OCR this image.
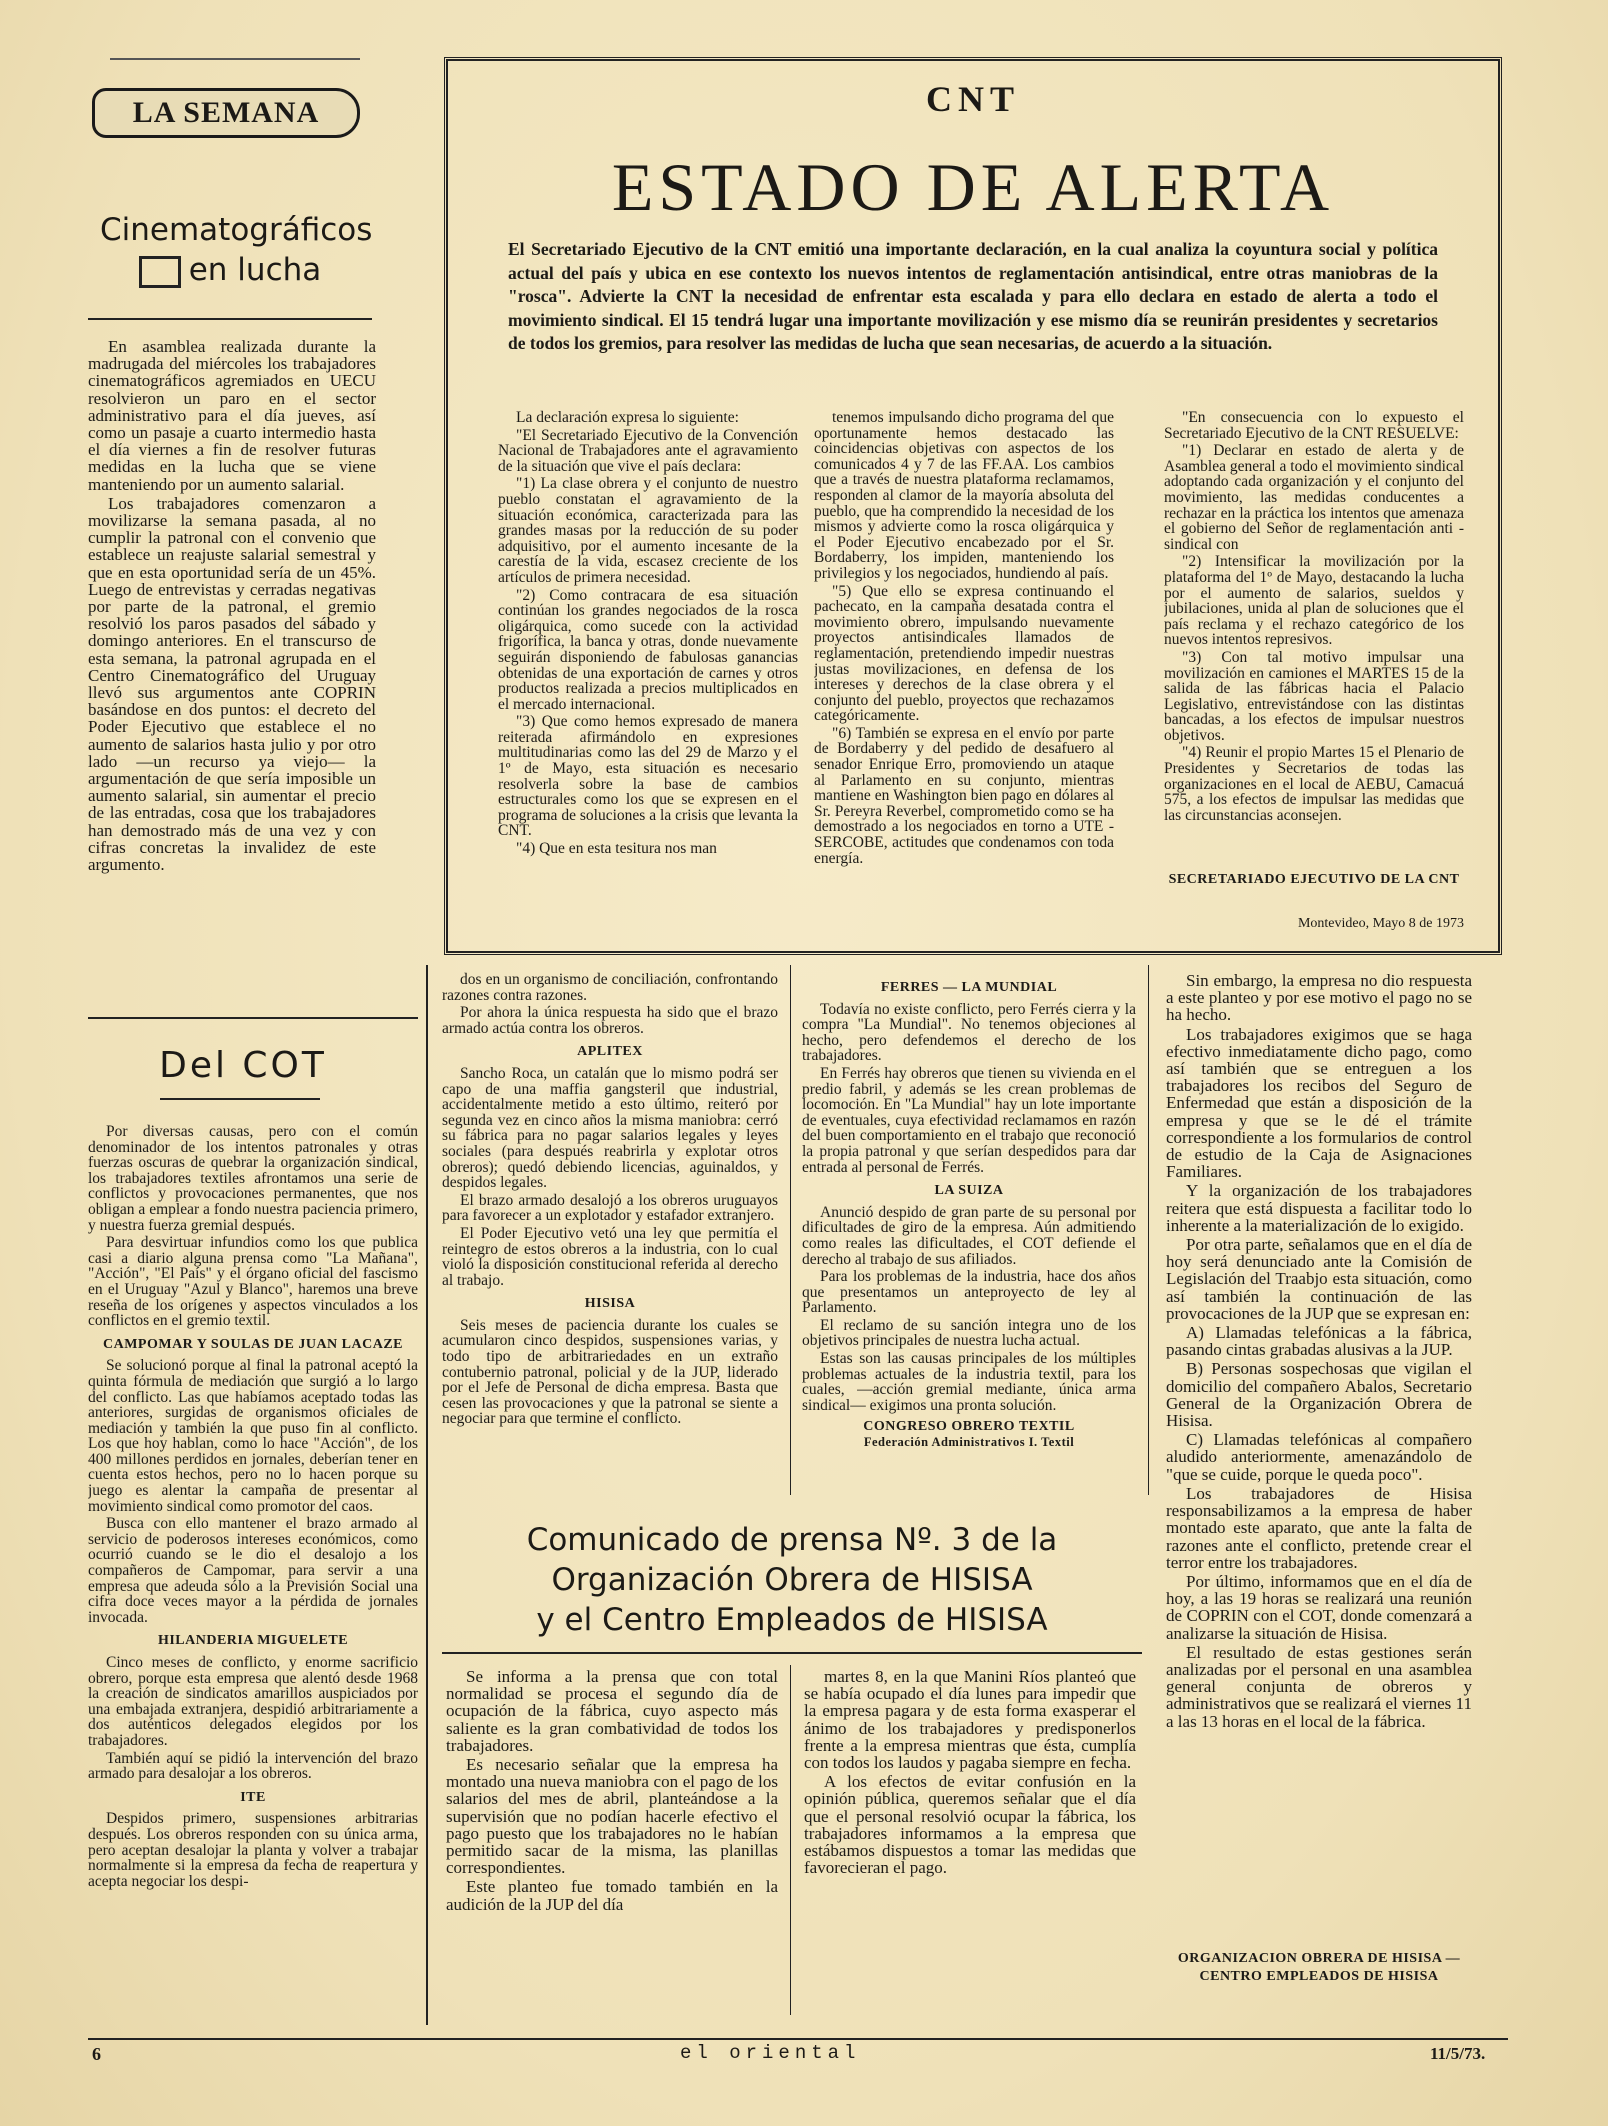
LA SEMANA
Cinematográficos
en lucha

En asamblea realizada durante la madrugada del miércoles los trabajadores cinematográficos agremiados en UECU resolvieron un paro en el sector administrativo para el día jueves, así como un pasaje a cuarto intermedio hasta el día viernes a fin de resolver futuras medidas en la lucha que se viene manteniendo por un aumento salarial.

Los trabajadores comenzaron a movilizarse la semana pasada, al no cumplir la patronal con el convenio que establece un reajuste salarial semestral y que en esta oportunidad sería de un 45%. Luego de entrevistas y cerradas negativas por parte de la patronal, el gremio resolvió los paros pasados del sábado y domingo anteriores. En el transcurso de esta semana, la patronal agrupada en el Centro Cinematográfico del Uruguay llevó sus argumentos ante COPRIN basándose en dos puntos: el decreto del Poder Ejecutivo que establece el no aumento de salarios hasta julio y por otro lado —un recurso ya viejo— la argumentación de que sería imposible un aumento salarial, sin aumentar el precio de las entradas, cosa que los trabajadores han demostrado más de una vez y con cifras concretas la invalidez de este argumento.

Del COT

Por diversas causas, pero con el común denominador de los intentos patronales y otras fuerzas oscuras de quebrar la organización sindical, los trabajadores textiles afrontamos una serie de conflictos y provocaciones permanentes, que nos obligan a emplear a fondo nuestra paciencia primero, y nuestra fuerza gremial después.

Para desvirtuar infundios como los que publica casi a diario alguna prensa como "La Mañana", "Acción", "El País" y el órgano oficial del fascismo en el Uruguay "Azul y Blanco", haremos una breve reseña de los orígenes y aspectos vinculados a los conflictos en el gremio textil.

CAMPOMAR Y SOULAS DE JUAN LACAZE

Se solucionó porque al final la patronal aceptó la quinta fórmula de mediación que surgió a lo largo del conflicto. Las que habíamos aceptado todas las anteriores, surgidas de organismos oficiales de mediación y también la que puso fin al conflicto. Los que hoy hablan, como lo hace "Acción", de los 400 millones perdidos en jornales, deberían tener en cuenta estos hechos, pero no lo hacen porque su juego es alentar la campaña de presentar al movimiento sindical como promotor del caos.

Busca con ello mantener el brazo armado al servicio de poderosos intereses económicos, como ocurrió cuando se le dio el desalojo a los compañeros de Campomar, para servir a una empresa que adeuda sólo a la Previsión Social una cifra doce veces mayor a la pérdida de jornales invocada.

HILANDERIA MIGUELETE

Cinco meses de conflicto, y enorme sacrificio obrero, porque esta empresa que alentó desde 1968 la creación de sindicatos amarillos auspiciados por una embajada extranjera, despidió arbitrariamente a dos auténticos delegados elegidos por los trabajadores.

También aquí se pidió la intervención del brazo armado para desalojar a los obreros.

ITE

Despidos primero, suspensiones arbitrarias después. Los obreros responden con su única arma, pero aceptan desalojar la planta y volver a trabajar normalmente si la empresa da fecha de reapertura y acepta negociar los despi-

CNT
ESTADO DE ALERTA
El Secretariado Ejecutivo de la CNT emitió una importante declaración, en la cual analiza la coyuntura social y política actual del país y ubica en ese contexto los nuevos intentos de reglamentación antisindical, entre otras maniobras de la "rosca". Advierte la CNT la necesidad de enfrentar esta escalada y para ello declara en estado de alerta a todo el movimiento sindical. El 15 tendrá lugar una importante movilización y ese mismo día se reunirán presidentes y secretarios de todos los gremios, para resolver las medidas de lucha que sean necesarias, de acuerdo a la situación.

La declaración expresa lo siguiente:

"El Secretariado Ejecutivo de la Convención Nacional de Trabajadores ante el agravamiento de la situación que vive el país declara:

"1) La clase obrera y el conjunto de nuestro pueblo constatan el agravamiento de la situación económica, caracterizada para las grandes masas por la reducción de su poder adquisitivo, por el aumento incesante de la carestía de la vida, escasez creciente de los artículos de primera necesidad.

"2) Como contracara de esa situación continúan los grandes negociados de la rosca oligárquica, como sucede con la actividad frigorífica, la banca y otras, donde nuevamente seguirán disponiendo de fabulosas ganancias obtenidas de una exportación de carnes y otros productos realizada a precios multiplicados en el mercado internacional.

"3) Que como hemos expresado de manera reiterada afirmándolo en expresiones multitudinarias como las del 29 de Marzo y el 1º de Mayo, esta situación es necesario resolverla sobre la base de cambios estructurales como los que se expresen en el programa de soluciones a la crisis que levanta la CNT.

"4) Que en esta tesitura nos man

tenemos impulsando dicho programa del que oportunamente hemos destacado las coincidencias objetivas con aspectos de los comunicados 4 y 7 de las FF.AA. Los cambios que a través de nuestra plataforma reclamamos, responden al clamor de la mayoría absoluta del pueblo, que ha comprendido la necesidad de los mismos y advierte como la rosca oligárquica y el Poder Ejecutivo encabezado por el Sr. Bordaberry, los impiden, manteniendo los privilegios y los negociados, hundiendo al país.

"5) Que ello se expresa continuando el pachecato, en la campaña desatada contra el movimiento obrero, impulsando nuevamente proyectos antisindicales llamados de reglamentación, pretendiendo impedir nuestras justas movilizaciones, en defensa de los intereses y derechos de la clase obrera y el conjunto del pueblo, proyectos que rechazamos categóricamente.

"6) También se expresa en el envío por parte de Bordaberry y del pedido de desafuero al senador Enrique Erro, promoviendo un ataque al Parlamento en su conjunto, mientras mantiene en Washington bien pago en dólares al Sr. Pereyra Reverbel, comprometido como se ha demostrado a los negociados en torno a UTE - SERCOBE, actitudes que condenamos con toda energía.

"En consecuencia con lo expuesto el Secretariado Ejecutivo de la CNT RESUELVE:

"1) Declarar en estado de alerta y de Asamblea general a todo el movimiento sindical adoptando cada organización y el conjunto del movimiento, las medidas conducentes a rechazar en la práctica los intentos que amenaza el gobierno del Señor de reglamentación anti - sindical con

"2) Intensificar la movilización por la plataforma del 1º de Mayo, destacando la lucha por el aumento de salarios, sueldos y jubilaciones, unida al plan de soluciones que el país reclama y el rechazo categórico de los nuevos intentos represivos.

"3) Con tal motivo impulsar una movilización en camiones el MARTES 15 de la salida de las fábricas hacia el Palacio Legislativo, entrevistándose con las distintas bancadas, a los efectos de impulsar nuestros objetivos.

"4) Reunir el propio Martes 15 el Plenario de Presidentes y Secretarios de todas las organizaciones en el local de AEBU, Camacuá 575, a los efectos de impulsar las medidas que las circunstancias aconsejen.

SECRETARIADO EJECUTIVO DE LA CNT
Montevideo, Mayo 8 de 1973

dos en un organismo de conciliación, confrontando razones contra razones.

Por ahora la única respuesta ha sido que el brazo armado actúa contra los obreros.

APLITEX

Sancho Roca, un catalán que lo mismo podrá ser capo de una maffia gangsteril que industrial, accidentalmente metido a esto último, reiteró por segunda vez en cinco años la misma maniobra: cerró su fábrica para no pagar salarios legales y leyes sociales (para después reabrirla y explotar otros obreros); quedó debiendo licencias, aguinaldos, y despidos legales.

El brazo armado desalojó a los obreros uruguayos para favorecer a un explotador y estafador extranjero.

El Poder Ejecutivo vetó una ley que permitía el reintegro de estos obreros a la industria, con lo cual violó la disposición constitucional referida al derecho al trabajo.

HISISA

Seis meses de paciencia durante los cuales se acumularon cinco despidos, suspensiones varias, y todo tipo de arbitrariedades en un extraño contubernio patronal, policial y de la JUP, liderado por el Jefe de Personal de dicha empresa. Basta que cesen las provocaciones y que la patronal se siente a negociar para que termine el conflicto.

FERRES — LA MUNDIAL

Todavía no existe conflicto, pero Ferrés cierra y la compra "La Mundial". No tenemos objeciones al hecho, pero defendemos el derecho de los trabajadores.

En Ferrés hay obreros que tienen su vivienda en el predio fabril, y además se les crean problemas de locomoción. En "La Mundial" hay un lote importante de eventuales, cuya efectividad reclamamos en razón del buen comportamiento en el trabajo que reconoció la propia patronal y que serían despedidos para dar entrada al personal de Ferrés.

LA SUIZA

Anunció despido de gran parte de su personal por dificultades de giro de la empresa. Aún admitiendo como reales las dificultades, el COT defiende el derecho al trabajo de sus afiliados.

Para los problemas de la industria, hace dos años que presentamos un anteproyecto de ley al Parlamento.

El reclamo de su sanción integra uno de los objetivos principales de nuestra lucha actual.

Estas son las causas principales de los múltiples problemas actuales de la industria textil, para los cuales, —acción gremial mediante, única arma sindical— exigimos una pronta solución.

CONGRESO OBRERO TEXTIL
Federación Administrativos I. Textil
Comunicado de prensa Nº. 3 de la
Organización Obrera de HISISA
y el Centro Empleados de HISISA

Se informa a la prensa que con total normalidad se procesa el segundo día de ocupación de la fábrica, cuyo aspecto más saliente es la gran combatividad de todos los trabajadores.

Es necesario señalar que la empresa ha montado una nueva maniobra con el pago de los salarios del mes de abril, planteándose a la supervisión que no podían hacerle efectivo el pago puesto que los trabajadores no le habían permitido sacar de la misma, las planillas correspondientes.

Este planteo fue tomado también en la audición de la JUP del día

martes 8, en la que Manini Ríos planteó que se había ocupado el día lunes para impedir que la empresa pagara y de esta forma exasperar el ánimo de los trabajadores y predisponerlos frente a la empresa mientras que ésta, cumplía con todos los laudos y pagaba siempre en fecha.

A los efectos de evitar confusión en la opinión pública, queremos señalar que el día que el personal resolvió ocupar la fábrica, los trabajadores informamos a la empresa que estábamos dispuestos a tomar las medidas que favorecieran el pago.

Sin embargo, la empresa no dio respuesta a este planteo y por ese motivo el pago no se ha hecho.

Los trabajadores exigimos que se haga efectivo inmediatamente dicho pago, como así también que se entreguen a los trabajadores los recibos del Seguro de Enfermedad que están a disposición de la empresa y que se le dé el trámite correspondiente a los formularios de control de estudio de la Caja de Asignaciones Familiares.

Y la organización de los trabajadores reitera que está dispuesta a facilitar todo lo inherente a la materialización de lo exigido.

Por otra parte, señalamos que en el día de hoy será denunciado ante la Comisión de Legislación del Traabjo esta situación, como así también la continuación de las provocaciones de la JUP que se expresan en:

A) Llamadas telefónicas a la fábrica, pasando cintas grabadas alusivas a la JUP.

B) Personas sospechosas que vigilan el domicilio del compañero Abalos, Secretario General de la Organización Obrera de Hisisa.

C) Llamadas telefónicas al compañero aludido anteriormente, amenazándolo de "que se cuide, porque le queda poco".

Los trabajadores de Hisisa responsabilizamos a la empresa de haber montado este aparato, que ante la falta de razones ante el conflicto, pretende crear el terror entre los trabajadores.

Por último, informamos que en el día de hoy, a las 19 horas se realizará una reunión de COPRIN con el COT, donde comenzará a analizarse la situación de Hisisa.

El resultado de estas gestiones serán analizadas por el personal en una asamblea general conjunta de obreros y administrativos que se realizará el viernes 11 a las 13 horas en el local de la fábrica.

ORGANIZACION OBRERA DE HISISA — CENTRO EMPLEADOS DE HISISA
6	el oriental	11/5/73.
